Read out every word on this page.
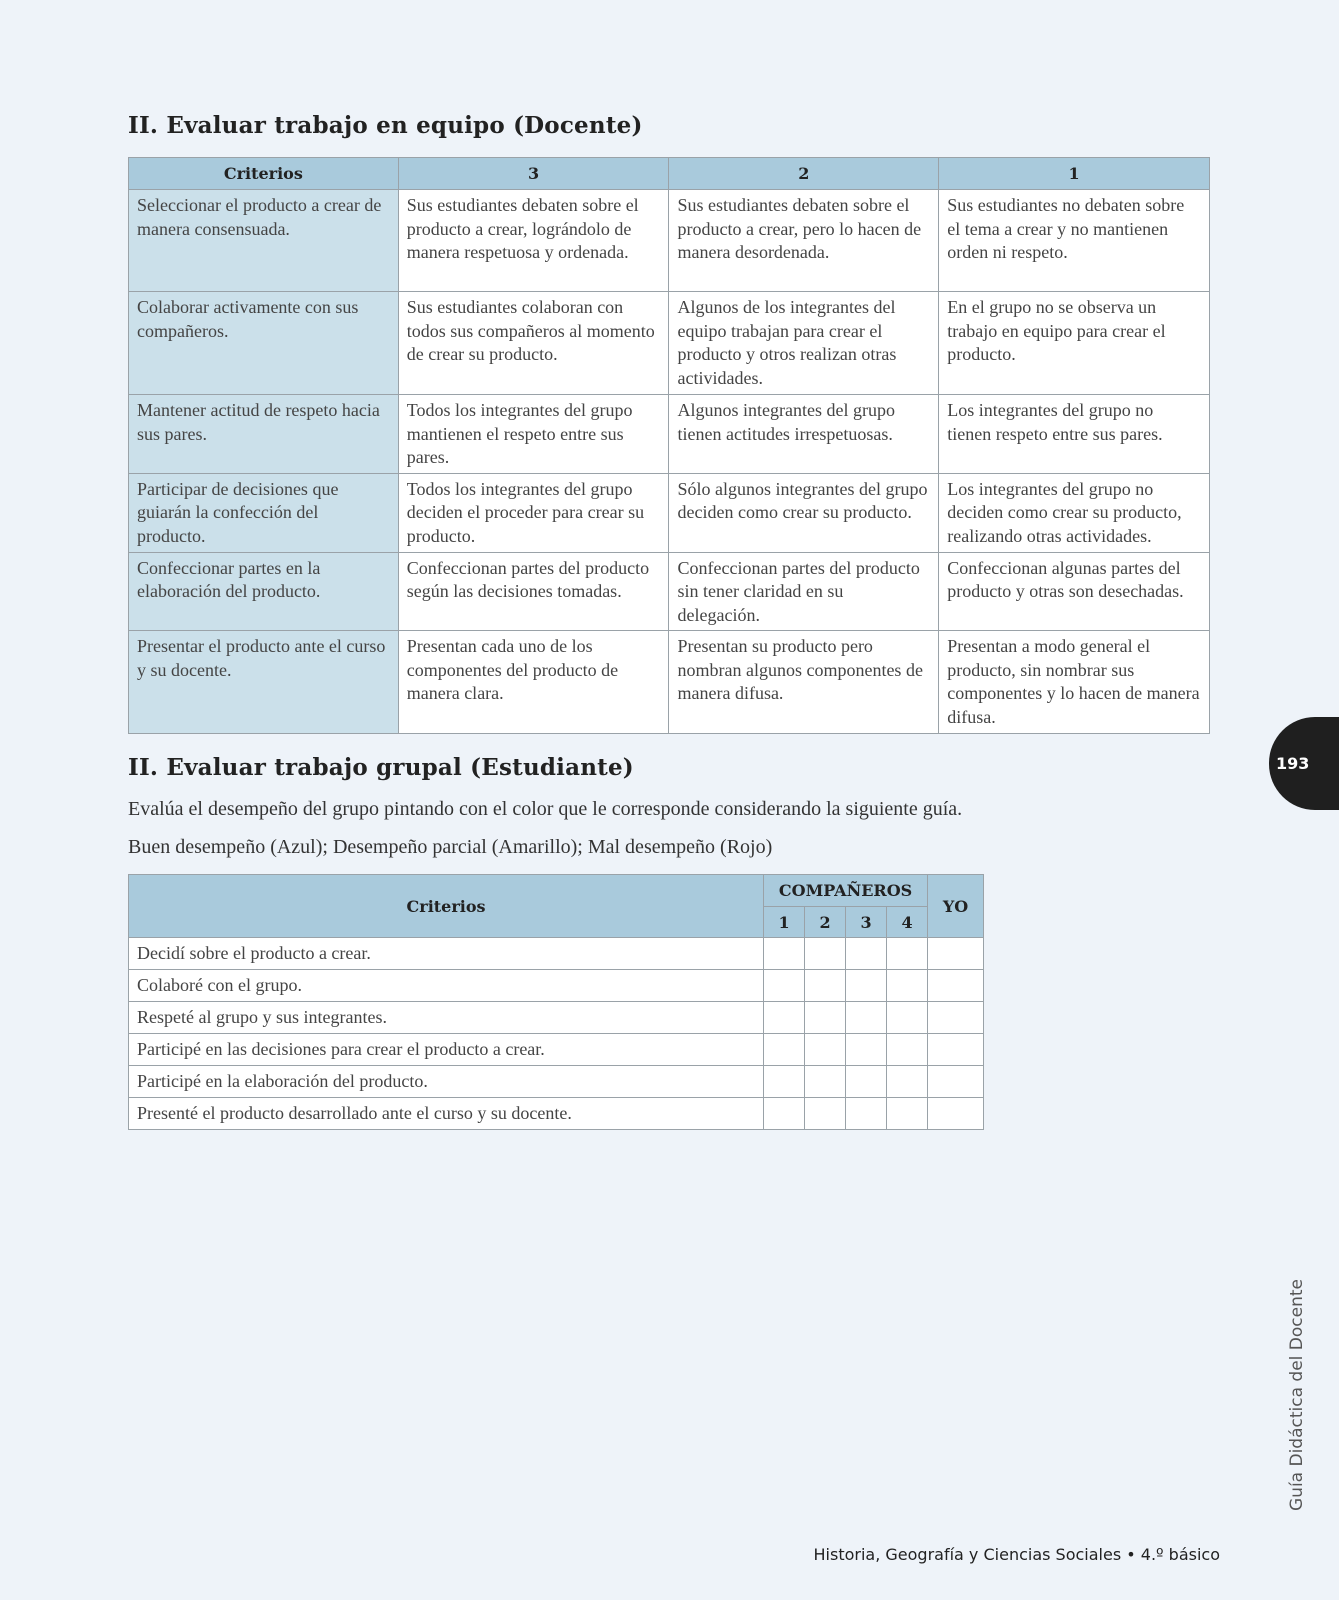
II. Evaluar trabajo en equipo (Docente)
Criterios	3	2	1
Seleccionar el producto a crear de manera consensuada.	Sus estudiantes debaten sobre el producto a crear, lográndolo de manera respetuosa y ordenada.	Sus estudiantes debaten sobre el producto a crear, pero lo hacen de manera desordenada.	Sus estudiantes no debaten sobre el tema a crear y no mantienen orden ni respeto.
Colaborar activamente con sus compañeros.	Sus estudiantes colaboran con todos sus compañeros al momento de crear su producto.	Algunos de los integrantes del equipo trabajan para crear el producto y otros realizan otras actividades.	En el grupo no se observa un trabajo en equipo para crear el producto.
Mantener actitud de respeto hacia sus pares.	Todos los integrantes del grupo mantienen el respeto entre sus pares.	Algunos integrantes del grupo tienen actitudes irrespetuosas.	Los integrantes del grupo no tienen respeto entre sus pares.
Participar de decisiones que guiarán la confección del producto.	Todos los integrantes del grupo deciden el proceder para crear su producto.	Sólo algunos integrantes del grupo deciden como crear su producto.	Los integrantes del grupo no deciden como crear su producto, realizando otras actividades.
Confeccionar partes en la elaboración del producto.	Confeccionan partes del producto según las decisiones tomadas.	Confeccionan partes del producto sin tener claridad en su delegación.	Confeccionan algunas partes del producto y otras son desechadas.
Presentar el producto ante el curso y su docente.	Presentan cada uno de los componentes del producto de manera clara.	Presentan su producto pero nombran algunos componentes de manera difusa.	Presentan a modo general el producto, sin nombrar sus componentes y lo hacen de manera difusa.
II. Evaluar trabajo grupal (Estudiante)

Evalúa el desempeño del grupo pintando con el color que le corresponde considerando la siguiente guía.

Buen desempeño (Azul); Desempeño parcial (Amarillo); Mal desempeño (Rojo)

Criterios	COMPAÑEROS				YO
	1	2	3	4	
Decidí sobre el producto a crear.					
Colaboré con el grupo.					
Respeté al grupo y sus integrantes.					
Participé en las decisiones para crear el producto a crear.					
Participé en la elaboración del producto.					
Presenté el producto desarrollado ante el curso y su docente.					
193
Guía Didáctica del Docente
Historia, Geografía y Ciencias Sociales • 4.º básico
